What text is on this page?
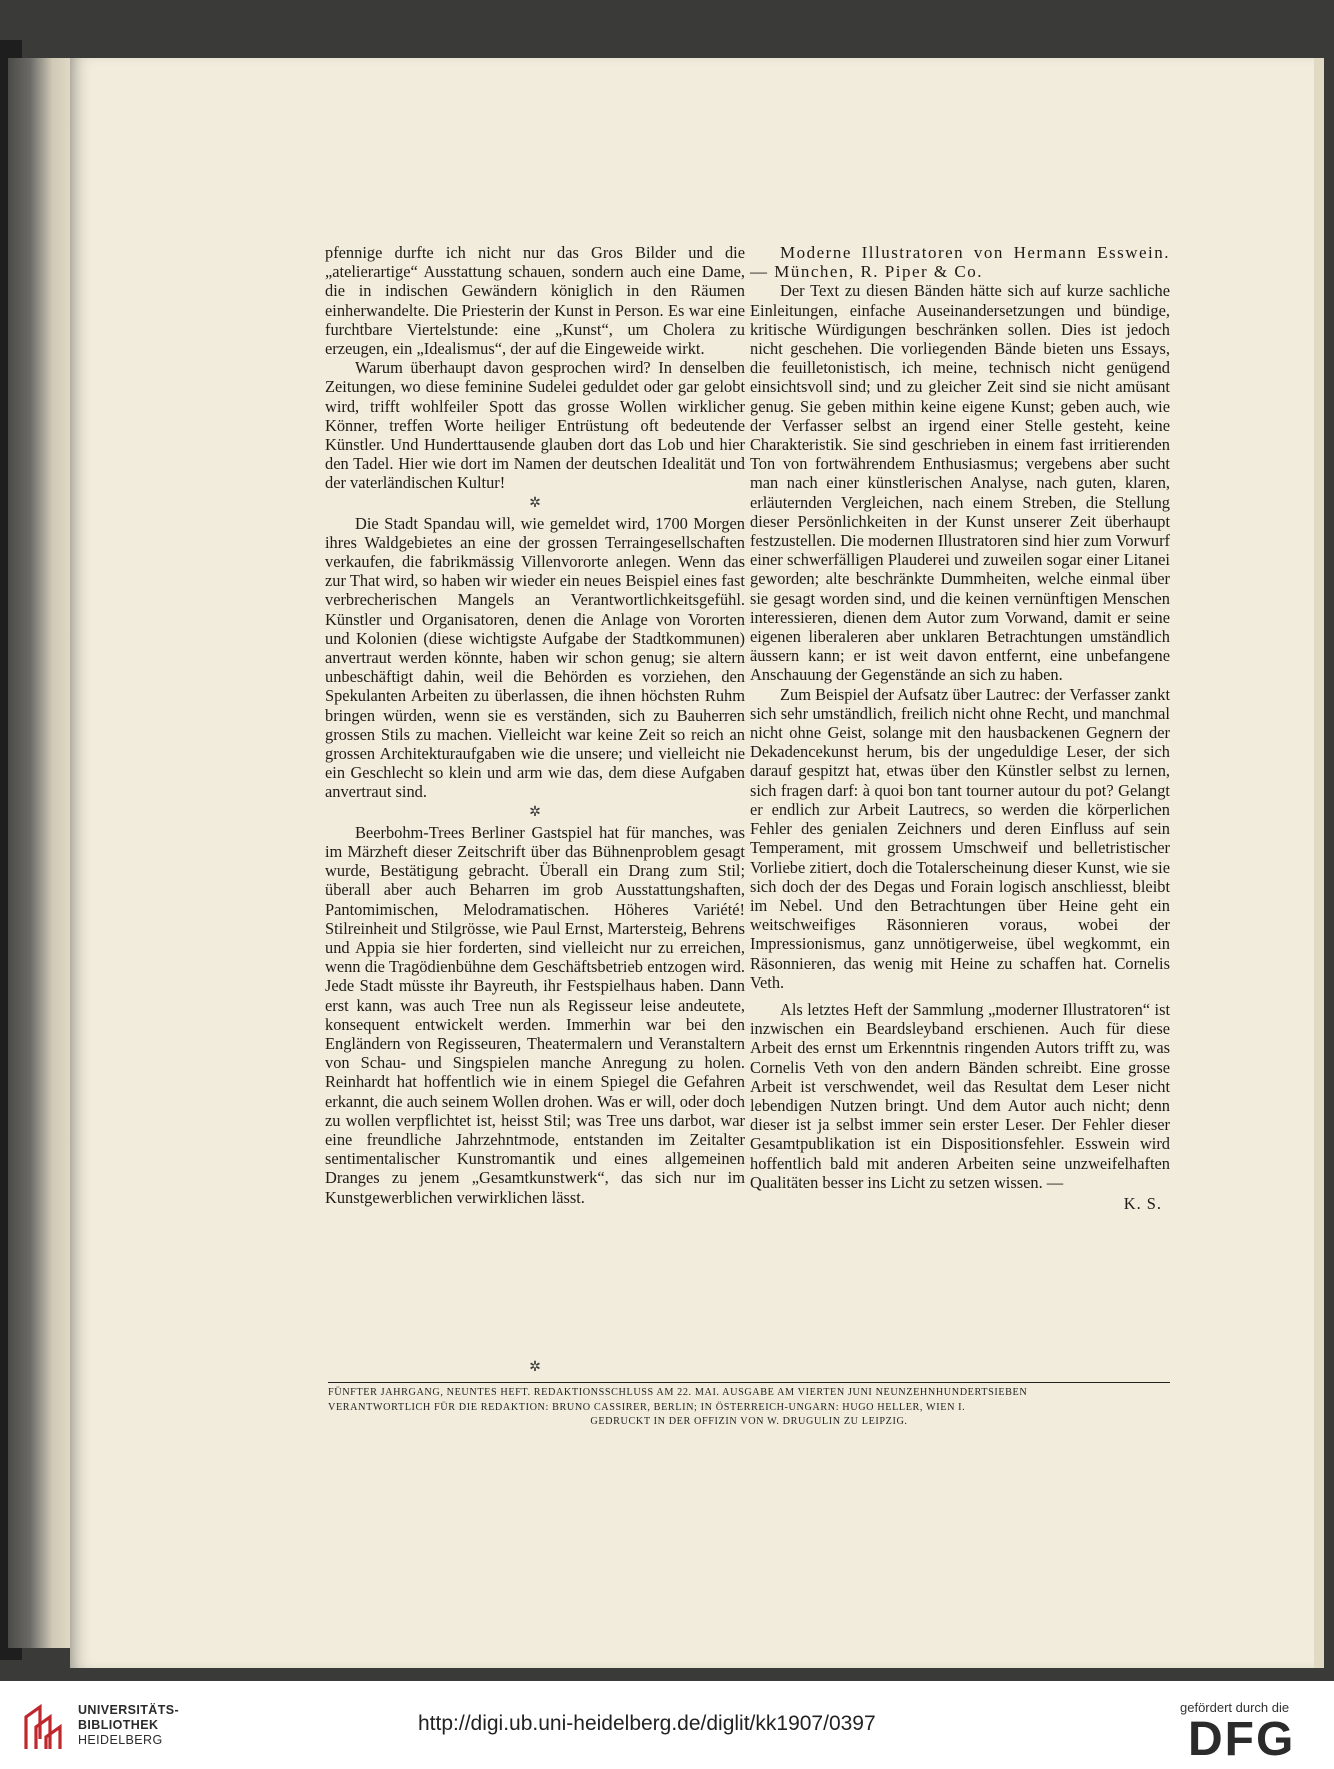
pfennige durfte ich nicht nur das Gros Bilder und die „atelierartige“ Ausstattung schauen, sondern auch eine Dame, die in indischen Gewändern königlich in den Räumen einherwandelte. Die Priesterin der Kunst in Person. Es war eine furchtbare Viertelstunde: eine „Kunst“, um Cholera zu erzeugen, ein „Idealismus“, der auf die Eingeweide wirkt.

Warum überhaupt davon gesprochen wird? In denselben Zeitungen, wo diese feminine Sudelei geduldet oder gar gelobt wird, trifft wohlfeiler Spott das grosse Wollen wirklicher Könner, treffen Worte heiliger Entrüstung oft bedeutende Künstler. Und Hunderttausende glauben dort das Lob und hier den Tadel. Hier wie dort im Namen der deutschen Idealität und der vaterländischen Kultur!

✲

Die Stadt Spandau will, wie gemeldet wird, 1700 Morgen ihres Waldgebietes an eine der grossen Terraingesellschaften verkaufen, die fabrikmässig Villenvororte anlegen. Wenn das zur That wird, so haben wir wieder ein neues Beispiel eines fast verbrecherischen Mangels an Verantwortlichkeitsgefühl. Künstler und Organisatoren, denen die Anlage von Vororten und Kolonien (diese wichtigste Aufgabe der Stadtkommunen) anvertraut werden könnte, haben wir schon genug; sie altern unbeschäftigt dahin, weil die Behörden es vorziehen, den Spekulanten Arbeiten zu überlassen, die ihnen höchsten Ruhm bringen würden, wenn sie es verständen, sich zu Bauherren grossen Stils zu machen. Vielleicht war keine Zeit so reich an grossen Architekturaufgaben wie die unsere; und vielleicht nie ein Geschlecht so klein und arm wie das, dem diese Aufgaben anvertraut sind.

✲

Beerbohm-Trees Berliner Gastspiel hat für manches, was im Märzheft dieser Zeitschrift über das Bühnenproblem gesagt wurde, Bestätigung gebracht. Überall ein Drang zum Stil; überall aber auch Beharren im grob Ausstattungshaften, Pantomimischen, Melodramatischen. Höheres Variété! Stilreinheit und Stilgrösse, wie Paul Ernst, Martersteig, Behrens und Appia sie hier forderten, sind vielleicht nur zu erreichen, wenn die Tragödienbühne dem Geschäftsbetrieb entzogen wird. Jede Stadt müsste ihr Bayreuth, ihr Festspielhaus haben. Dann erst kann, was auch Tree nun als Regisseur leise andeutete, konsequent entwickelt werden. Immerhin war bei den Engländern von Regisseuren, Theatermalern und Veranstaltern von Schau- und Singspielen manche Anregung zu holen. Reinhardt hat hoffentlich wie in einem Spiegel die Gefahren erkannt, die auch seinem Wollen drohen. Was er will, oder doch zu wollen verpflichtet ist, heisst Stil; was Tree uns darbot, war eine freundliche Jahrzehntmode, entstanden im Zeitalter sentimentalischer Kunstromantik und eines allgemeinen Dranges zu jenem „Gesamtkunstwerk“, das sich nur im Kunstgewerblichen verwirklichen lässt.

Moderne Illustratoren von Hermann Esswein. — München, R. Piper & Co.

Der Text zu diesen Bänden hätte sich auf kurze sachliche Einleitungen, einfache Auseinandersetzungen und bündige, kritische Würdigungen beschränken sollen. Dies ist jedoch nicht geschehen. Die vorliegenden Bände bieten uns Essays, die feuilletonistisch, ich meine, technisch nicht genügend einsichtsvoll sind; und zu gleicher Zeit sind sie nicht amüsant genug. Sie geben mithin keine eigene Kunst; geben auch, wie der Verfasser selbst an irgend einer Stelle gesteht, keine Charakteristik. Sie sind geschrieben in einem fast irritierenden Ton von fortwährendem Enthusiasmus; vergebens aber sucht man nach einer künstlerischen Analyse, nach guten, klaren, erläuternden Vergleichen, nach einem Streben, die Stellung dieser Persönlichkeiten in der Kunst unserer Zeit überhaupt festzustellen. Die modernen Illustratoren sind hier zum Vorwurf einer schwerfälligen Plauderei und zuweilen sogar einer Litanei geworden; alte beschränkte Dummheiten, welche einmal über sie gesagt worden sind, und die keinen vernünftigen Menschen interessieren, dienen dem Autor zum Vorwand, damit er seine eigenen liberaleren aber unklaren Betrachtungen umständlich äussern kann; er ist weit davon entfernt, eine unbefangene Anschauung der Gegenstände an sich zu haben.

Zum Beispiel der Aufsatz über Lautrec: der Verfasser zankt sich sehr umständlich, freilich nicht ohne Recht, und manchmal nicht ohne Geist, solange mit den hausbackenen Gegnern der Dekadencekunst herum, bis der ungeduldige Leser, der sich darauf gespitzt hat, etwas über den Künstler selbst zu lernen, sich fragen darf: à quoi bon tant tourner autour du pot? Gelangt er endlich zur Arbeit Lautrecs, so werden die körperlichen Fehler des genialen Zeichners und deren Einfluss auf sein Temperament, mit grossem Umschweif und belletristischer Vorliebe zitiert, doch die Totalerscheinung dieser Kunst, wie sie sich doch der des Degas und Forain logisch anschliesst, bleibt im Nebel. Und den Betrachtungen über Heine geht ein weitschweifiges Räsonnieren voraus, wobei der Impressionismus, ganz unnötigerweise, übel wegkommt, ein Räsonnieren, das wenig mit Heine zu schaffen hat. Cornelis Veth.

Als letztes Heft der Sammlung „moderner Illustratoren“ ist inzwischen ein Beardsleyband erschienen. Auch für diese Arbeit des ernst um Erkenntnis ringenden Autors trifft zu, was Cornelis Veth von den andern Bänden schreibt. Eine grosse Arbeit ist verschwendet, weil das Resultat dem Leser nicht lebendigen Nutzen bringt. Und dem Autor auch nicht; denn dieser ist ja selbst immer sein erster Leser. Der Fehler dieser Gesamtpublikation ist ein Dispositionsfehler. Esswein wird hoffentlich bald mit anderen Arbeiten seine unzweifelhaften Qualitäten besser ins Licht zu setzen wissen. —

K. S.

✲
FÜNFTER JAHRGANG, NEUNTES HEFT. REDAKTIONSSCHLUSS AM 22. MAI. AUSGABE AM VIERTEN JUNI NEUNZEHNHUNDERTSIEBEN
VERANTWORTLICH FÜR DIE REDAKTION: BRUNO CASSIRER, BERLIN; IN ÖSTERREICH-UNGARN: HUGO HELLER, WIEN I.
GEDRUCKT IN DER OFFIZIN VON W. DRUGULIN ZU LEIPZIG.
UNIVERSITÄTS-
BIBLIOTHEK
HEIDELBERG
http://digi.ub.uni-heidelberg.de/diglit/kk1907/0397
gefördert durch die
DFG
